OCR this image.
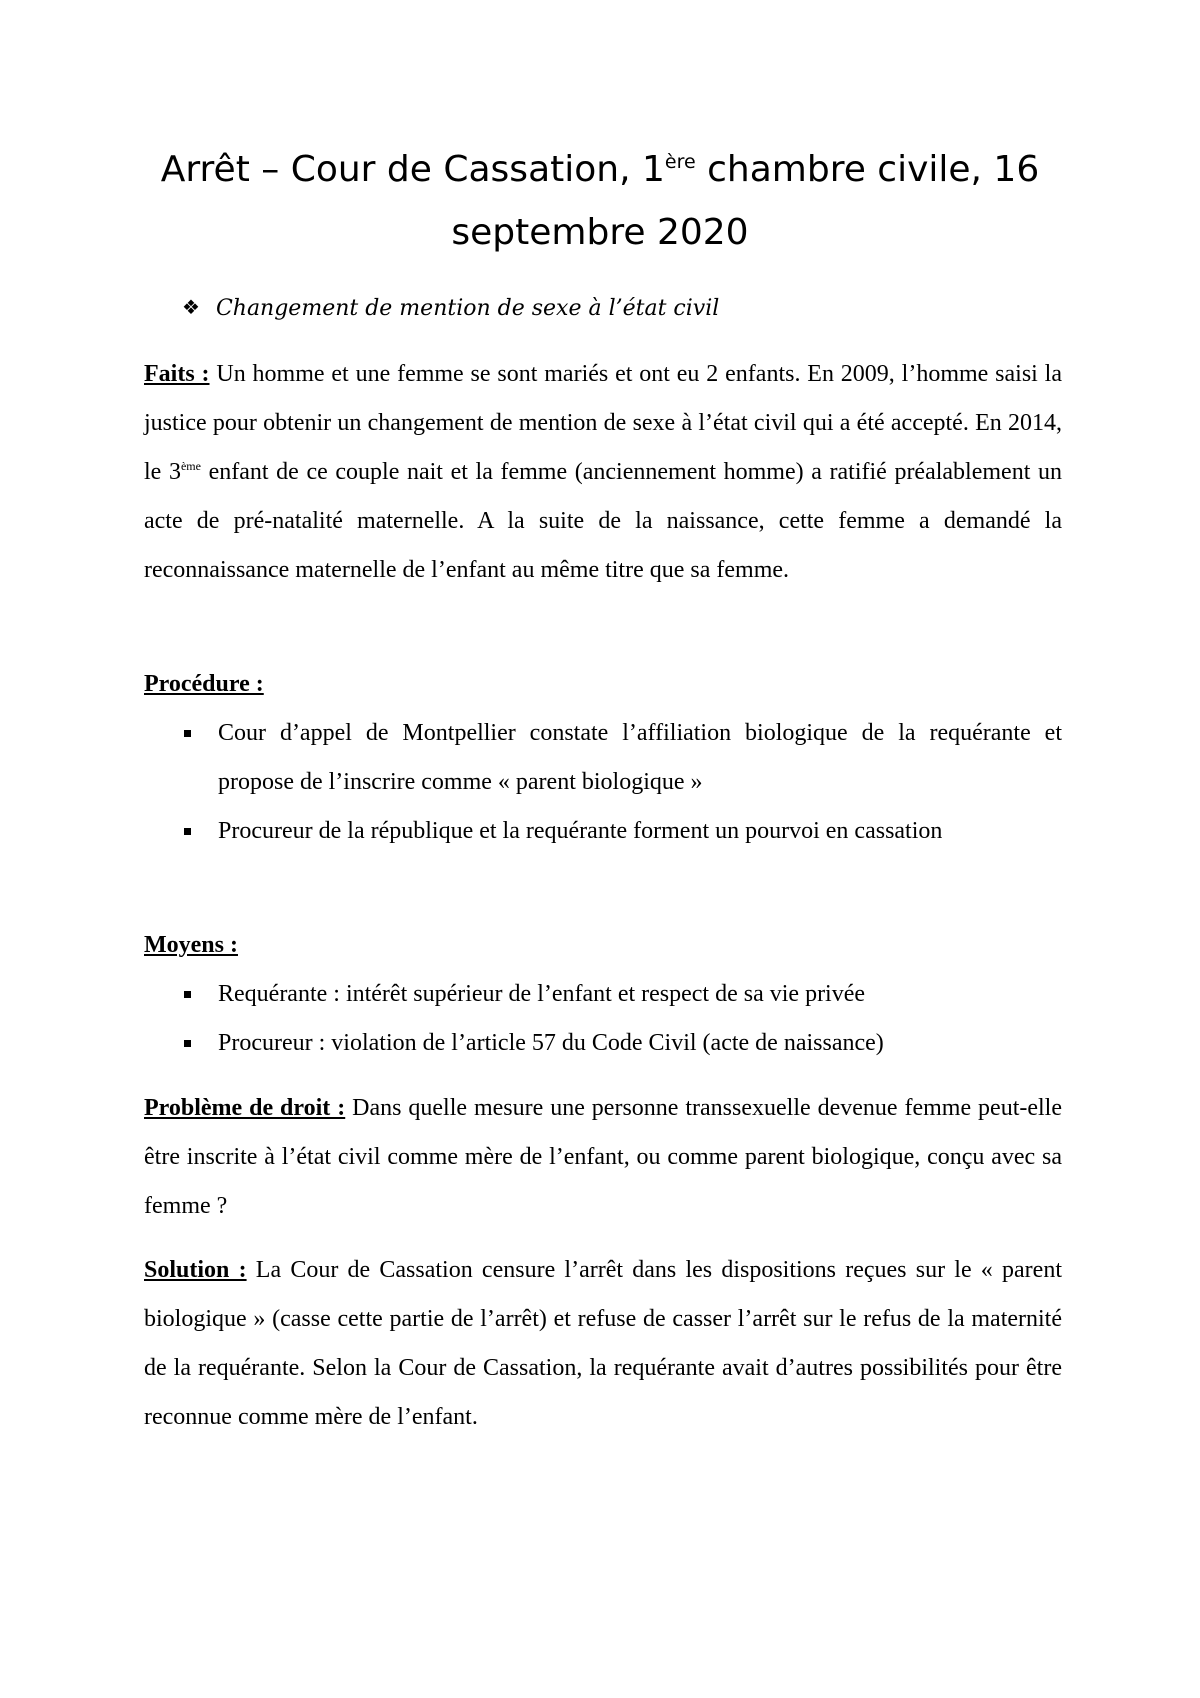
Arrêt – Cour de Cassation, 1ère chambre civile, 16 septembre 2020
❖ Changement de mention de sexe à l’état civil

Faits : Un homme et une femme se sont mariés et ont eu 2 enfants. En 2009, l’homme saisi la justice pour obtenir un changement de mention de sexe à l’état civil qui a été accepté. En 2014, le 3ème enfant de ce couple nait et la femme (anciennement homme) a ratifié préalablement un acte de pré-natalité maternelle. A la suite de la naissance, cette femme a demandé la reconnaissance maternelle de l’enfant au même titre que sa femme.

Procédure :

Cour d’appel de Montpellier constate l’affiliation biologique de la requérante et propose de l’inscrire comme « parent biologique »
Procureur de la république et la requérante forment un pourvoi en cassation

Moyens :

Requérante : intérêt supérieur de l’enfant et respect de sa vie privée
Procureur : violation de l’article 57 du Code Civil (acte de naissance)

Problème de droit : Dans quelle mesure une personne transsexuelle devenue femme peut-elle être inscrite à l’état civil comme mère de l’enfant, ou comme parent biologique, conçu avec sa femme ?

Solution : La Cour de Cassation censure l’arrêt dans les dispositions reçues sur le « parent biologique » (casse cette partie de l’arrêt) et refuse de casser l’arrêt sur le refus de la maternité de la requérante. Selon la Cour de Cassation, la requérante avait d’autres possibilités pour être reconnue comme mère de l’enfant.
